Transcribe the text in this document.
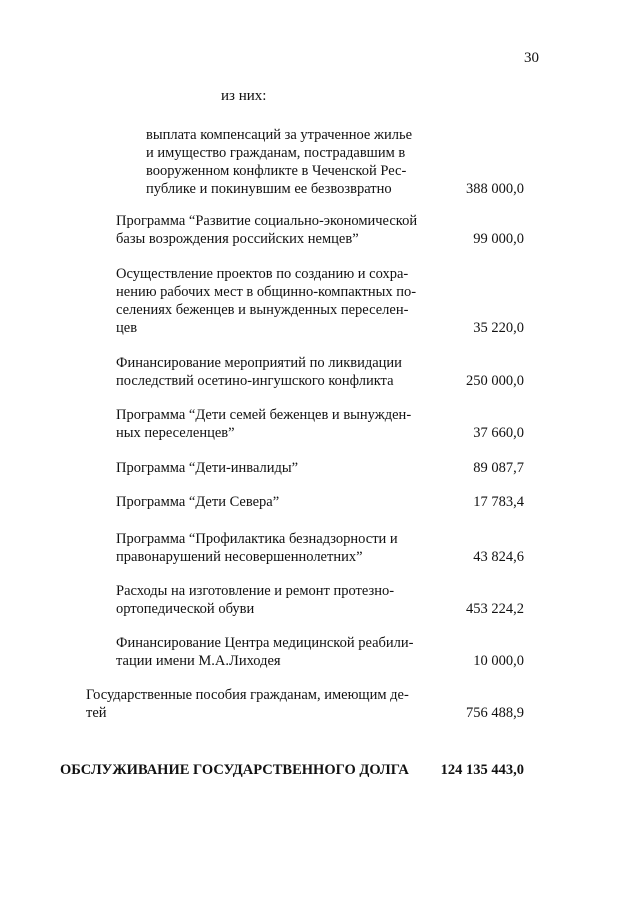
30
из них:
выплата компенсаций за утраченное жилье
и имущество гражданам, пострадавшим в
вооруженном конфликте в Чеченской Рес-
публике и покинувшим ее безвозвратно	388 000,0
Программа “Развитие социально-экономической
базы возрождения российских немцев”	99 000,0
Осуществление проектов по созданию и сохра-
нению рабочих мест в общинно-компактных по-
селениях беженцев и вынужденных переселен-
цев	35 220,0
Финансирование мероприятий по ликвидации
последствий осетино-ингушского конфликта	250 000,0
Программа “Дети семей беженцев и вынужден-
ных переселенцев”	37 660,0
Программа “Дети-инвалиды”	89 087,7
Программа “Дети Севера”	17 783,4
Программа “Профилактика безнадзорности и
правонарушений несовершеннолетних”	43 824,6
Расходы на изготовление и ремонт протезно-
ортопедической обуви	453 224,2
Финансирование Центра медицинской реабили-
тации имени М.А.Лиходея	10 000,0
Государственные пособия гражданам, имеющим де-
тей	756 488,9
ОБСЛУЖИВАНИЕ ГОСУДАРСТВЕННОГО ДОЛГА	124 135 443,0
